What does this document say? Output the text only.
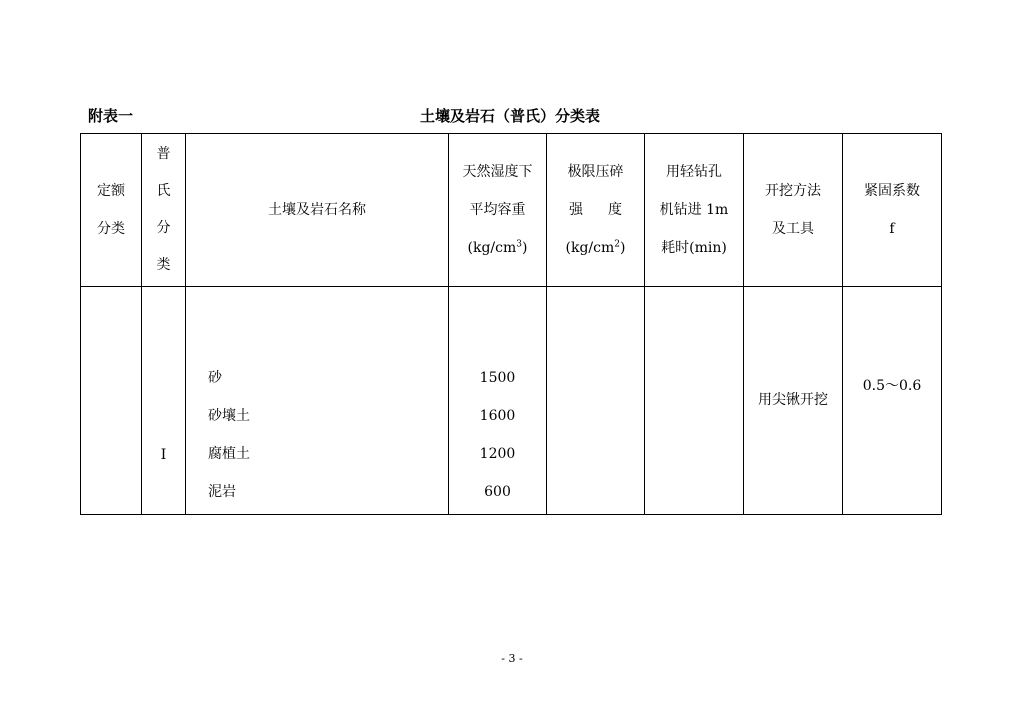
附表一	土壤及岩石（普氏）分类表
定额
分类	普
氏
分
类	土壤及岩石名称	天然湿度下
平均容重
$(kg/cm^3)$	极限压碎
强 度
$(kg/cm^2)$	用轻钻孔
机钻进 1m
耗时(min)	开挖方法
及工具	紧固系数
f

	Ⅰ	砂
砂壤土
腐植土
泥岩	1500
1600
1200
600			用尖锹开挖	0.5～0.6
- 3 -
